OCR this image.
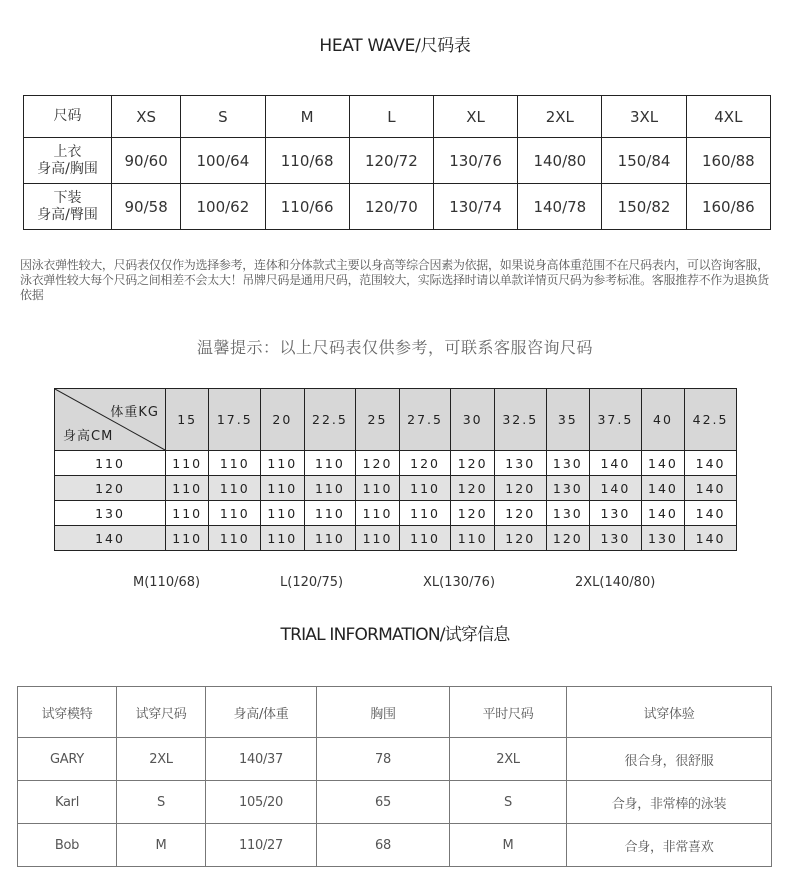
HEAT WAVE/尺码表
尺码	XS	S	M	L	XL	2XL	3XL	4XL

上衣
身高/胸围	90/60	100/64	110/68	120/72	130/76	140/80	150/84	160/88

下装
身高/臀围	90/58	100/62	110/66	120/70	130/74	140/78	150/82	160/86
因泳衣弹性较大，尺码表仅仅作为选择参考，连体和分体款式主要以身高等综合因素为依据，如果说身高体重范围不在尺码表内，可以咨询客服，泳衣弹性较大每个尺码之间相差不会太大！吊牌尺码是通用尺码，范围较大，实际选择时请以单款详情页尺码为参考标准。客服推荐不作为退换货依据
温馨提示：以上尺码表仅供参考，可联系客服咨询尺码
体重KG
身高CM	15	17.5	20	22.5	25	27.5	30	32.5	35	37.5	40	42.5
110	110	110	110	110	120	120	120	130	130	140	140	140
120	110	110	110	110	110	110	120	120	130	140	140	140
130	110	110	110	110	110	110	120	120	130	130	140	140
140	110	110	110	110	110	110	110	120	120	130	130	140
M(110/68)	L(120/75)	XL(130/76)	2XL(140/80)
TRIAL INFORMATION/试穿信息
试穿模特	试穿尺码	身高/体重	胸围	平时尺码	试穿体验
GARY	2XL	140/37	78	2XL	很合身，很舒服
Karl	S	105/20	65	S	合身，非常棒的泳装
Bob	M	110/27	68	M	合身，非常喜欢
